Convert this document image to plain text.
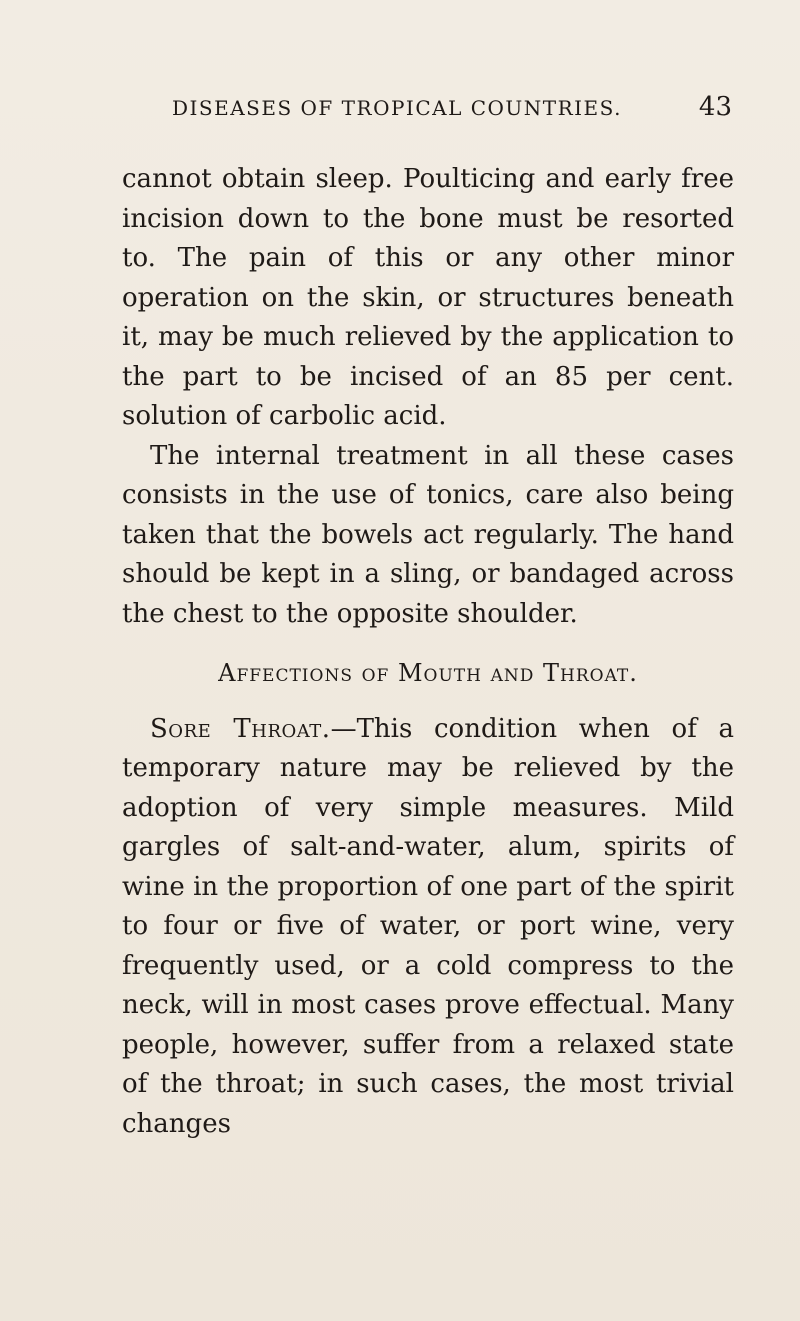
DISEASES OF TROPICAL COUNTRIES.	43

cannot obtain sleep. Poulticing and early free incision down to the bone must be resorted to. The pain of this or any other minor operation on the skin, or structures beneath it, may be much relieved by the application to the part to be incised of an 85 per cent. solution of carbolic acid.

The internal treatment in all these cases consists in the use of tonics, care also being taken that the bowels act regularly. The hand should be kept in a sling, or bandaged across the chest to the opposite shoulder.

Affections of Mouth and Throat.

Sore Throat.—This condition when of a temporary nature may be relieved by the adoption of very simple measures. Mild gargles of salt-and-water, alum, spirits of wine in the proportion of one part of the spirit to four or five of water, or port wine, very frequently used, or a cold compress to the neck, will in most cases prove effectual. Many people, however, suffer from a relaxed state of the throat; in such cases, the most trivial changes
